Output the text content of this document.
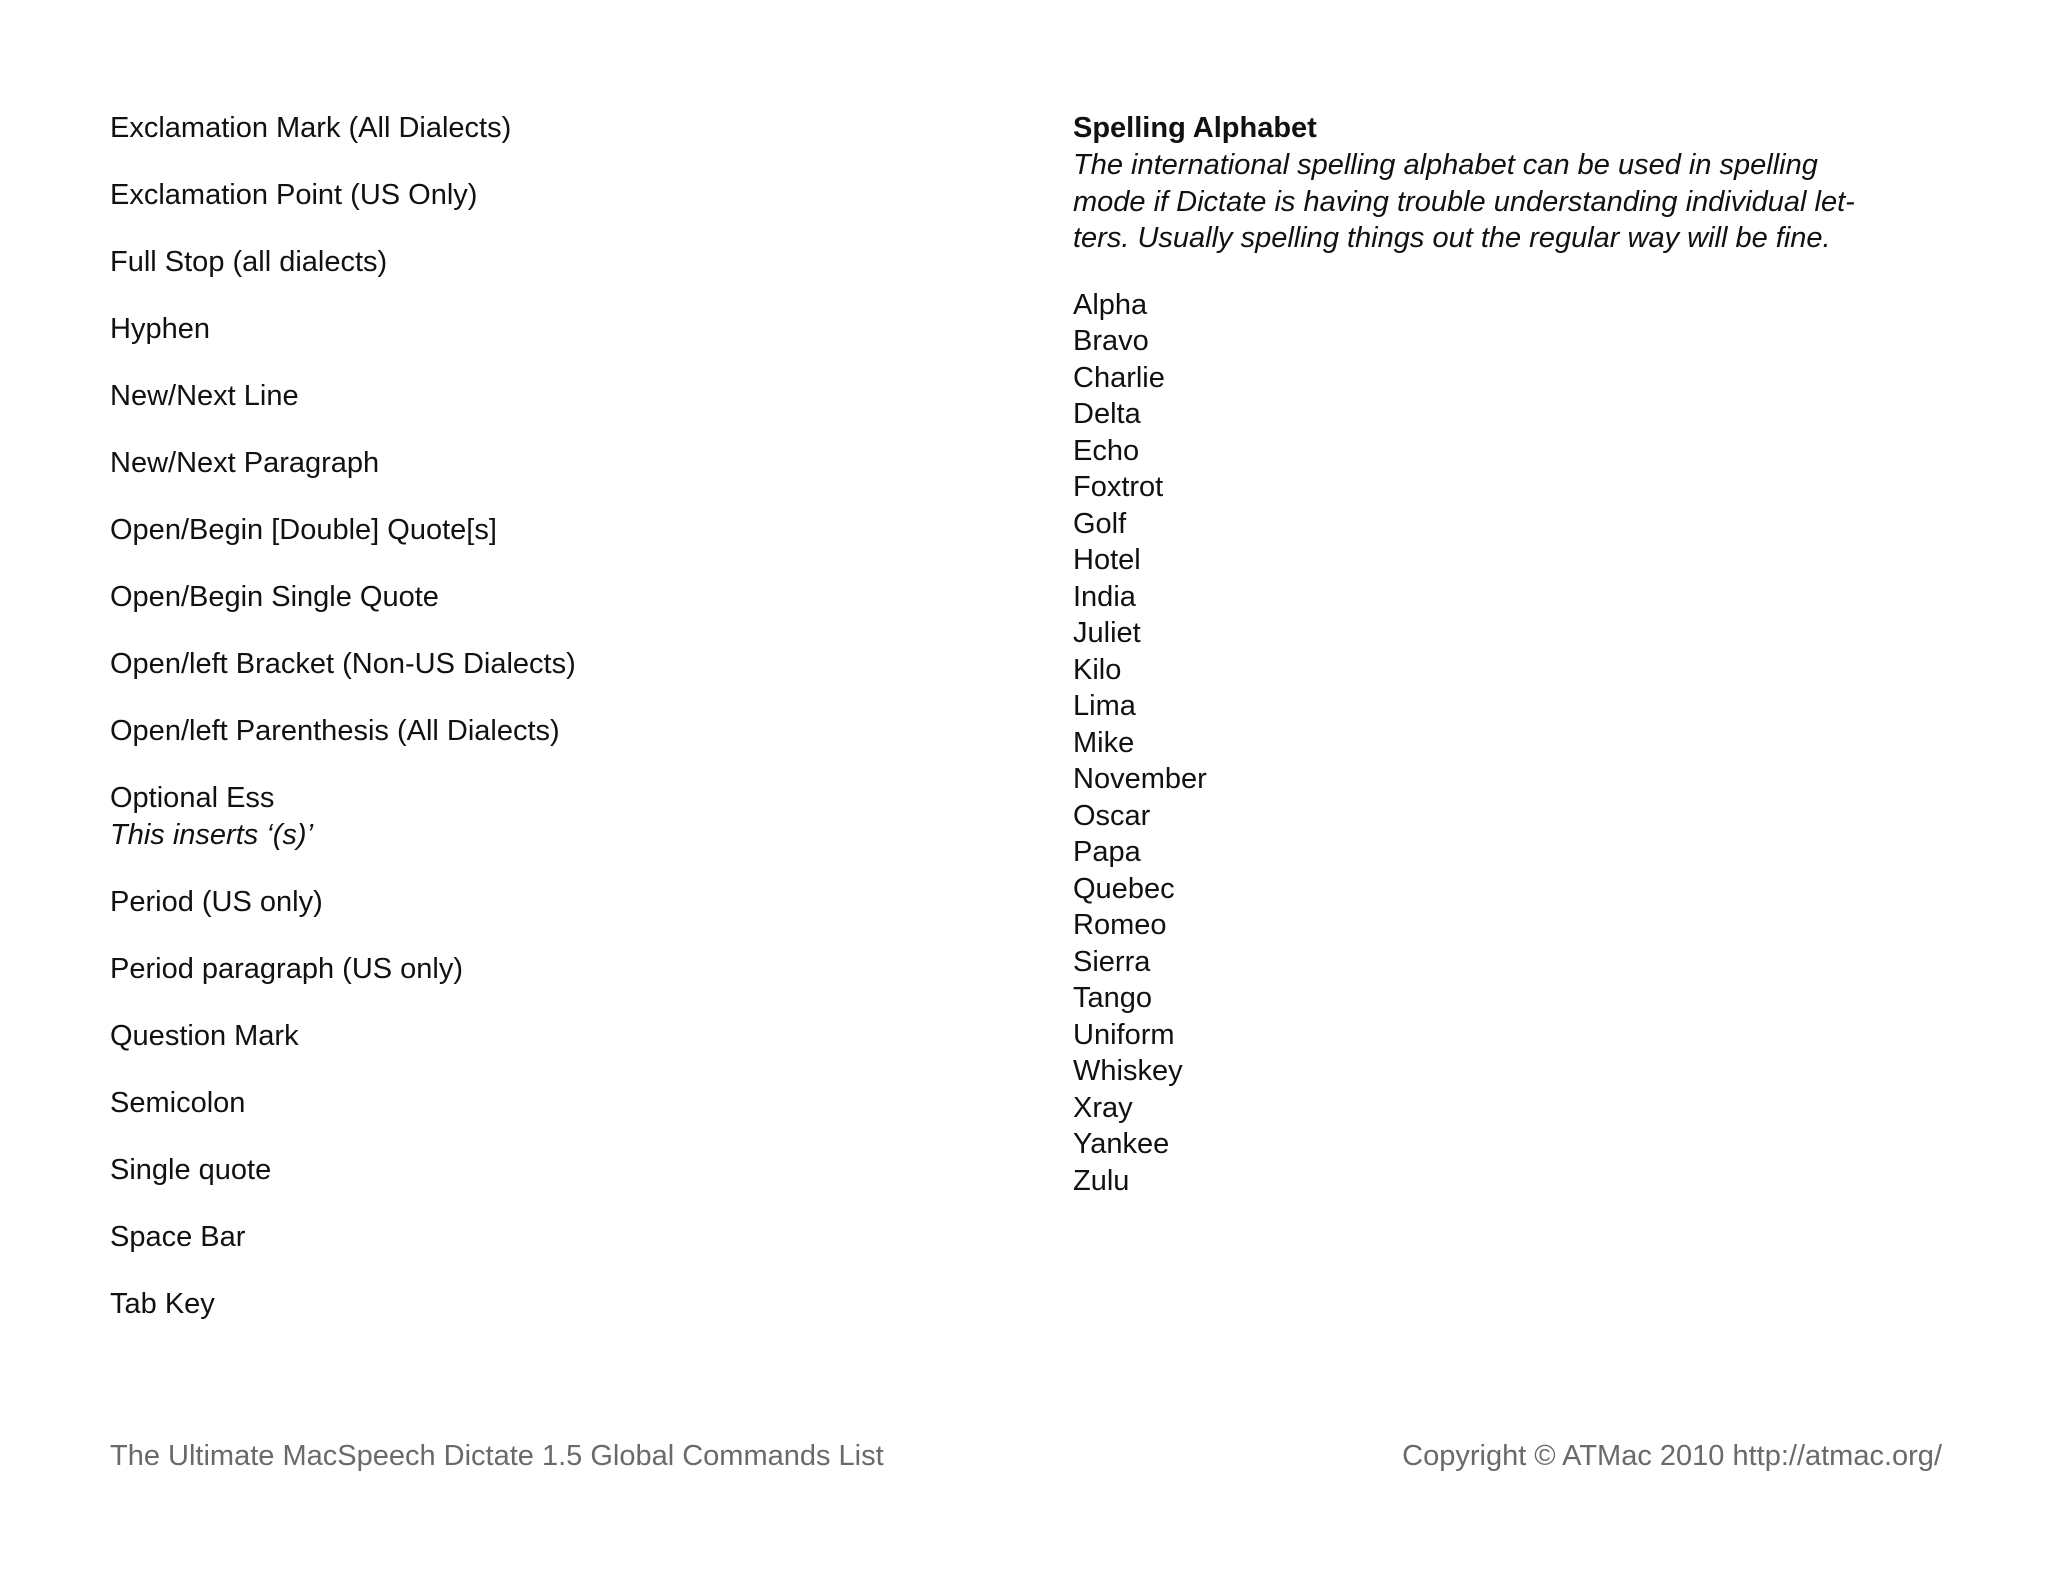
Exclamation Mark (All Dialects)
Exclamation Point (US Only)
Full Stop (all dialects)
Hyphen
New/Next Line
New/Next Paragraph
Open/Begin [Double] Quote[s]
Open/Begin Single Quote
Open/left Bracket (Non-US Dialects)
Open/left Parenthesis (All Dialects)
Optional Ess
This inserts ‘(s)’
Period (US only)
Period paragraph (US only)
Question Mark
Semicolon
Single quote
Space Bar
Tab Key
Spelling Alphabet
The international spelling alphabet can be used in spelling
mode if Dictate is having trouble understanding individual let-
ters. Usually spelling things out the regular way will be fine.
Alpha
Bravo
Charlie
Delta
Echo
Foxtrot
Golf
Hotel
India
Juliet
Kilo
Lima
Mike
November
Oscar
Papa
Quebec
Romeo
Sierra
Tango
Uniform
Whiskey
Xray
Yankee
Zulu
The Ultimate MacSpeech Dictate 1.5 Global Commands List	Copyright © ATMac 2010 http://atmac.org/
